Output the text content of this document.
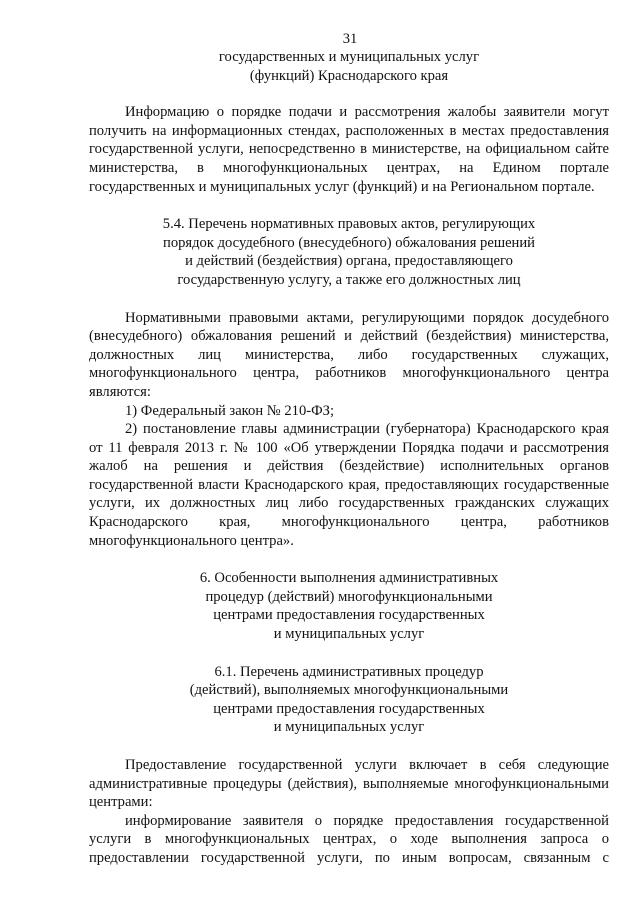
31
государственных и муниципальных услуг
(функций) Краснодарского края
Информацию о порядке подачи и рассмотрения жалобы заявители могут получить на информационных стендах, расположенных в местах предоставления государственной услуги, непосредственно в министерстве, на официальном сайте министерства, в многофункциональных центрах, на Едином портале государственных и муниципальных услуг (функций) и на Региональном портале.
5.4. Перечень нормативных правовых актов, регулирующих
порядок досудебного (внесудебного) обжалования решений
и действий (бездействия) органа, предоставляющего
государственную услугу, а также его должностных лиц
Нормативными правовыми актами, регулирующими порядок досудебного (внесудебного) обжалования решений и действий (бездействия) министерства, должностных лиц министерства, либо государственных служащих, многофункционального центра, работников многофункционального центра являются:
1) Федеральный закон № 210-ФЗ;
2) постановление главы администрации (губернатора) Краснодарского края от 11 февраля 2013 г. № 100 «Об утверждении Порядка подачи и рассмотрения жалоб на решения и действия (бездействие) исполнительных органов государственной власти Краснодарского края, предоставляющих государственные услуги, их должностных лиц либо государственных гражданских служащих Краснодарского края, многофункционального центра, работников многофункционального центра».
6. Особенности выполнения административных
процедур (действий) многофункциональными
центрами предоставления государственных
и муниципальных услуг
6.1. Перечень административных процедур
(действий), выполняемых многофункциональными
центрами предоставления государственных
и муниципальных услуг
Предоставление государственной услуги включает в себя следующие административные процедуры (действия), выполняемые многофункциональными центрами:
информирование заявителя о порядке предоставления государственной услуги в многофункциональных центрах, о ходе выполнения запроса о предоставлении государственной услуги, по иным вопросам, связанным с
